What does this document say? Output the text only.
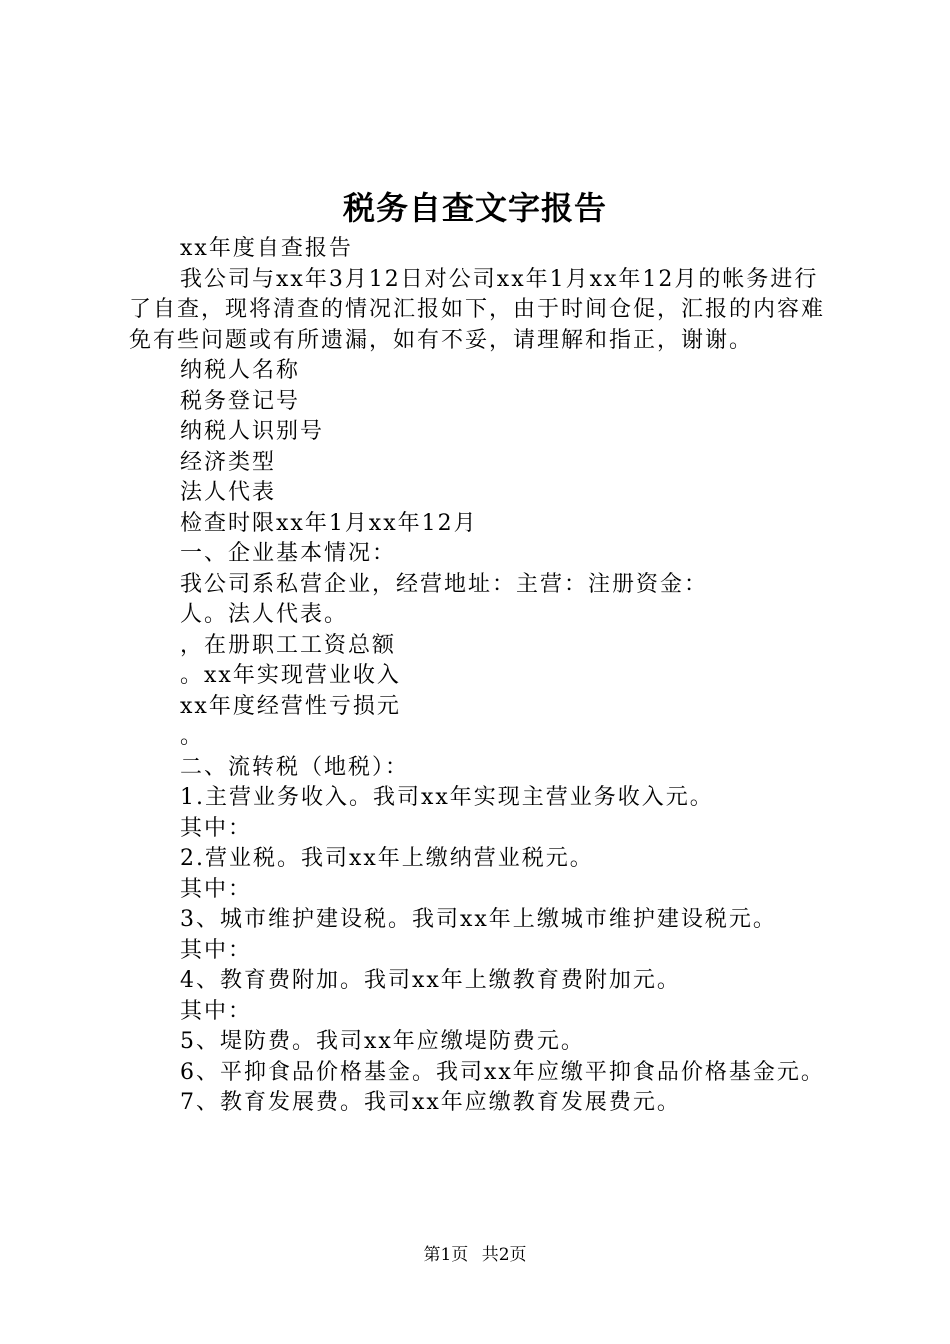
税务自查文字报告
xx年度自查报告
我公司与xx年3月12日对公司xx年1月xx年12月的帐务进行了自查，现将清查的情况汇报如下，由于时间仓促，汇报的内容难免有些问题或有所遗漏，如有不妥，请理解和指正，谢谢。
纳税人名称
税务登记号
纳税人识别号
经济类型
法人代表
检查时限xx年1月xx年12月
一、企业基本情况：
我公司系私营企业，经营地址：主营：注册资金：
人。法人代表。
，在册职工工资总额
。xx年实现营业收入
xx年度经营性亏损元
。
二、流转税（地税）：
1.主营业务收入。我司xx年实现主营业务收入元。
其中：
2.营业税。我司xx年上缴纳营业税元。
其中：
3、城市维护建设税。我司xx年上缴城市维护建设税元。
其中：
4、教育费附加。我司xx年上缴教育费附加元。
其中：
5、堤防费。我司xx年应缴堤防费元。
6、平抑食品价格基金。我司xx年应缴平抑食品价格基金元。
7、教育发展费。我司xx年应缴教育发展费元。
第1页 共2页
